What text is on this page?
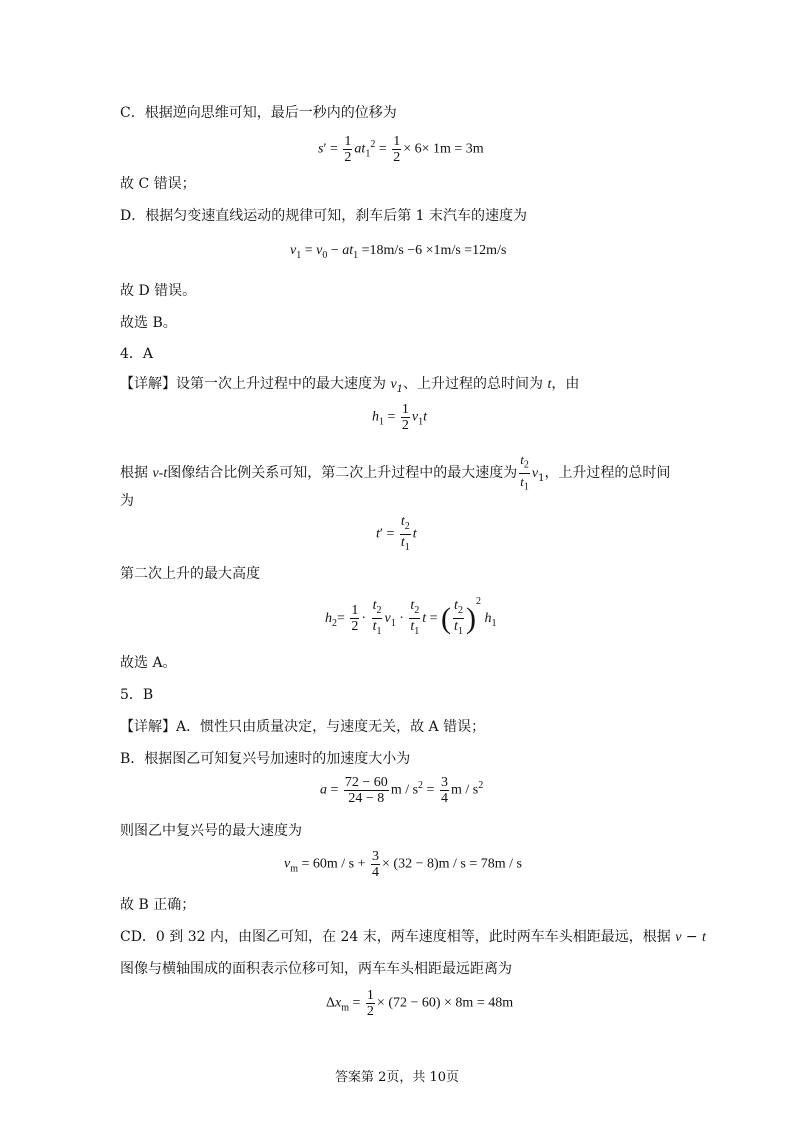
C．根据逆向思维可知，最后一秒内的位移为
$s' = \frac{1}{2} at_1^2 = \frac{1}{2} \times 6\times 1m = 3m$
故 C 错误；
D．根据匀变速直线运动的规律可知，刹车后第 1 末汽车的速度为
$v_1 = v_0 - at_1 =18m/s -6 \times 1m/s =12m/s$
故 D 错误。
故选 B。
4．A
【详解】设第一次上升过程中的最大速度为 $v_1$、上升过程的总时间为 t，由
$h_1 = \frac{1}{2} v_1t$
根据 v-t图像结合比例关系可知，第二次上升过程中的最大速度为 $\frac{t_2}{t_1} v_1$，上升过程的总时间
为
$t' = \frac{t_2}{t_1}$ t
第二次上升的最大高度
$h_2= \frac{1}{2} \cdot \frac{t_2}{t_1} v_1 \cdot \frac{t_2}{t_1}$ t = ( $\frac{t_2}{t_1} )^2$ $h_1$
故选 A。
5．B
【详解】A．惯性只由质量决定，与速度无关，故 A 错误；
B．根据图乙可知复兴号加速时的加速度大小为
$a = \frac{72 - 60}{24 - 8}$ $m / s^2 = \frac{3}{4}$ m / $s^2$
则图乙中复兴号的最大速度为
$v_m = 60m / s + \frac{3}{4} \times (32 - 8)m / s = 78m / s$
故 B 正确；
CD．0 到 32 内，由图乙可知，在 24 末，两车速度相等，此时两车车头相距最远，根据 v − t
图像与横轴围成的面积表示位移可知，两车车头相距最远距离为
$\Delta x_m = \frac{1}{2} \times (72 - 60) \times 8m = 48m$
答案第 2页，共 10页
